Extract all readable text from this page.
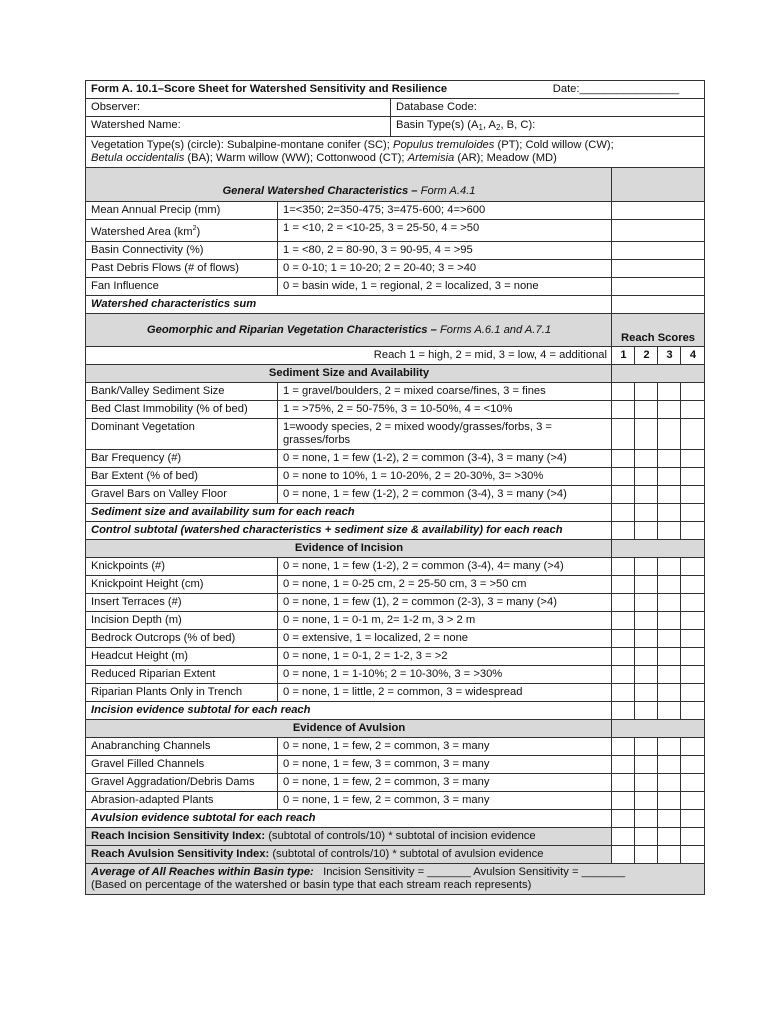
Form A. 10.1–Score Sheet for Watershed Sensitivity and Resilience Date:________________						

Observer:		Database Code:				
Watershed Name:		Basin Type(s) ($A_1$, $A_2$, B, C):				
Vegetation Type(s) (circle): Subalpine-montane conifer (SC); Populus tremuloides (PT); Cold willow (CW);
Betula occidentalis (BA); Warm willow (WW); Cottonwood (CT); Artemisia (AR); Meadow (MD)						
General Watershed Characteristics – Form A.4.1						
Mean Annual Precip (mm)	1=<350; 2=350-475; 3=475-600; 4=>600					
Watershed Area $(km^2)$	1 = <10, 2 = <10-25, 3 = 25-50, 4 = >50					
Basin Connectivity (%)	1 = <80, 2 = 80-90, 3 = 90-95, 4 = >95					
Past Debris Flows (# of flows)	0 = 0-10; 1 = 10-20; 2 = 20-40; 3 = >40					
Fan Influence	0 = basin wide, 1 = regional, 2 = localized, 3 = none					
Watershed characteristics sum						
Geomorphic and Riparian Vegetation Characteristics – Forms A.6.1 and A.7.1			Reach Scores			
Reach 1 = high, 2 = mid, 3 = low, 4 = additional			1	2	3	4
Sediment Size and Availability						
Bank/Valley Sediment Size	1 = gravel/boulders, 2 = mixed coarse/fines, 3 = fines					
Bed Clast Immobility (% of bed)	1 = >75%, 2 = 50-75%, 3 = 10-50%, 4 = <10%					
Dominant Vegetation	1=woody species, 2 = mixed woody/grasses/forbs, 3 = grasses/forbs					
Bar Frequency (#)	0 = none, 1 = few (1-2), 2 = common (3-4), 3 = many (>4)					
Bar Extent (% of bed)	0 = none to 10%, 1 = 10-20%, 2 = 20-30%, 3= >30%					
Gravel Bars on Valley Floor	0 = none, 1 = few (1-2), 2 = common (3-4), 3 = many (>4)					
Sediment size and availability sum for each reach						
Control subtotal (watershed characteristics + sediment size & availability) for each reach						
Evidence of Incision						
Knickpoints (#)	0 = none, 1 = few (1-2), 2 = common (3-4), 4= many (>4)					
Knickpoint Height (cm)	0 = none, 1 = 0-25 cm, 2 = 25-50 cm, 3 = >50 cm					
Insert Terraces (#)	0 = none, 1 = few (1), 2 = common (2-3), 3 = many (>4)					
Incision Depth (m)	0 = none, 1 = 0-1 m, 2= 1-2 m, 3 > 2 m					
Bedrock Outcrops (% of bed)	0 = extensive, 1 = localized, 2 = none					
Headcut Height (m)	0 = none, 1 = 0-1, 2 = 1-2, 3 = >2					
Reduced Riparian Extent	0 = none, 1 = 1-10%; 2 = 10-30%, 3 = >30%					
Riparian Plants Only in Trench	0 = none, 1 = little, 2 = common, 3 = widespread					
Incision evidence subtotal for each reach						
Evidence of Avulsion						
Anabranching Channels	0 = none, 1 = few, 2 = common, 3 = many					
Gravel Filled Channels	0 = none, 1 = few, 3 = common, 3 = many					
Gravel Aggradation/Debris Dams	0 = none, 1 = few, 2 = common, 3 = many					
Abrasion-adapted Plants	0 = none, 1 = few, 2 = common, 3 = many					
Avulsion evidence subtotal for each reach						
Reach Incision Sensitivity Index: (subtotal of controls/10) * subtotal of incision evidence						
Reach Avulsion Sensitivity Index: (subtotal of controls/10) * subtotal of avulsion evidence						
Average of All Reaches within Basin type:   Incision Sensitivity = _______ Avulsion Sensitivity = _______
(Based on percentage of the watershed or basin type that each stream reach represents)						
